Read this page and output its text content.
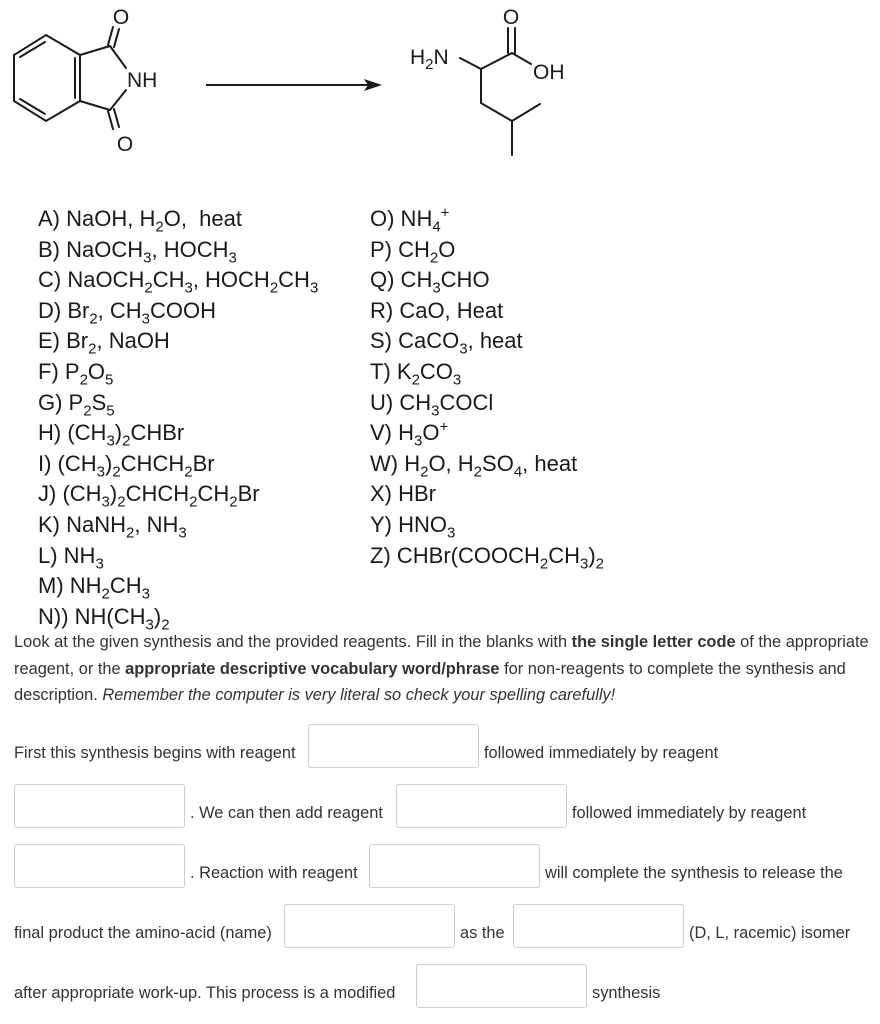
O
NH
O
O
$H_2N$
OH
A) NaOH, $H_2O$,  heat
B) NaOCH$_3$, $HOCH_3$
C) $NaOCH_2CH_3$, $HOCH_2CH_3$
D) $Br_2$, $CH_3COOH$
E) $Br_2$, NaOH
F) $P_2O_5$
G) $P_2S_5$
H) $(CH_3)_2CHBr$
I) $(CH_3)_2CHCH_2Br$
J) $(CH_3)_2CHCH_2CH_2Br$
K) NaNH$_2$, $NH_3$
L) $NH_3$
M) $NH_2CH_3$
N)) $NH(CH_3)_2$
O) $NH_4^+$
P) $CH_2O$
Q) $CH_3CHO$
R) CaO, Heat
S) CaCO$_3$, heat
T) $K_2CO_3$
U) $CH_3COCl$
V) $H_3O^+$
W) $H_2O$, $H_2SO_4$, heat
X) HBr
Y) $HNO_3$
Z) $CHBr(COOCH_2CH_3)_2$
Look at the given synthesis and the provided reagents. Fill in the blanks with the single letter code of the appropriate reagent, or the appropriate descriptive vocabulary word/phrase for non-reagents to complete the synthesis and description. Remember the computer is very literal so check your spelling carefully!
First this synthesis begins with reagent	followed immediately by reagent
. We can then add reagent	followed immediately by reagent
. Reaction with reagent	will complete the synthesis to release the
final product the amino-acid (name)	as the	(D, L, racemic) isomer
after appropriate work-up. This process is a modified	synthesis
